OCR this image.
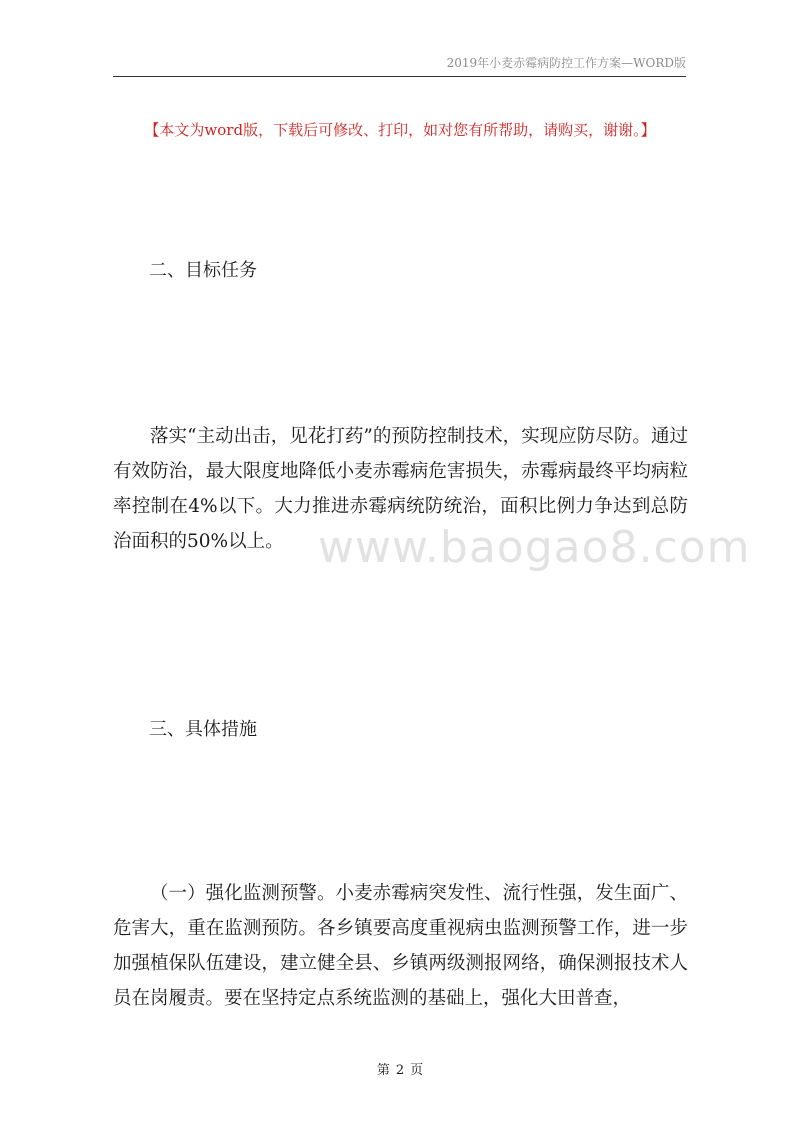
2019年小麦赤霉病防控工作方案—WORD版
【本文为word版，下载后可修改、打印，如对您有所帮助，请购买，谢谢。】
二、目标任务
落实“主动出击，见花打药”的预防控制技术，实现应防尽防。通过有效防治，最大限度地降低小麦赤霉病危害损失，赤霉病最终平均病粒率控制在4%以下。大力推进赤霉病统防统治，面积比例力争达到总防治面积的50%以上。 www.baogao8.com
三、具体措施
（一）强化监测预警。小麦赤霉病突发性、流行性强，发生面广、危害大，重在监测预防。各乡镇要高度重视病虫监测预警工作，进一步加强植保队伍建设，建立健全县、乡镇两级测报网络，确保测报技术人员在岗履责。要在坚持定点系统监测的基础上，强化大田普查，
第 2 页
